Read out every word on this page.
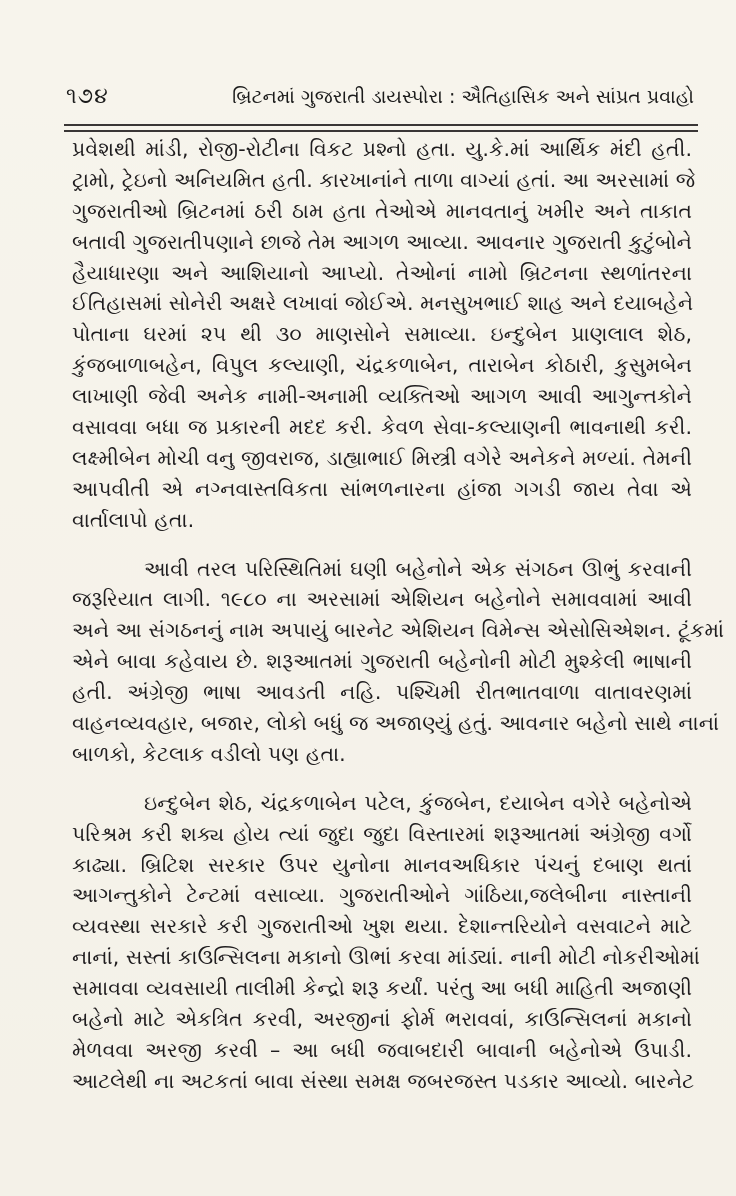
૧૭૪	બ્રિટનમાં ગુજરાતી ડાયસ્પોરા : ઐતિહાસિક અને સાંપ્રત પ્રવાહો
પ્રવેશથી માંડી, રોજી-રોટીના વિકટ પ્રશ્નો હતા. યુ.કે.માં આર્થિક મંદી હતી.
ટ્રામો, ટ્રેઇનો અનિયમિત હતી. કારખાનાંને તાળા વાગ્યાં હતાં. આ અરસામાં જે
ગુજરાતીઓ બ્રિટનમાં ઠરી ઠામ હતા તેઓએ માનવતાનું ખમીર અને તાકાત
બતાવી ગુજરાતીપણાને છાજે તેમ આગળ આવ્યા. આવનાર ગુજરાતી કુટુંબોને
હૈયાધારણા અને આશિયાનો આપ્યો. તેઓનાં નામો બ્રિટનના સ્થળાંતરના
ઈતિહાસમાં સોનેરી અક્ષરે લખાવાં જોઈએ. મનસુખભાઈ શાહ અને દયાબહેને
પોતાના ઘરમાં ૨૫ થી ૩૦ માણસોને સમાવ્યા. ઇન્દુબેન પ્રાણલાલ શેઠ,
કુંજબાળાબહેન, વિપુલ કલ્યાણી, ચંદ્રકળાબેન, તારાબેન કોઠારી, કુસુમબેન
લાખાણી જેવી અનેક નામી-અનામી વ્યક્તિઓ આગળ આવી આગુન્તકોને
વસાવવા બધા જ પ્રકારની મદદ કરી. કેવળ સેવા-કલ્યાણની ભાવનાથી કરી.
લક્ષ્મીબેન મોચી વનુ જીવરાજ, ડાહ્યાભાઈ મિસ્ત્રી વગેરે અનેકને મળ્યાં. તેમની
આપવીતી એ નગ્નવાસ્તવિકતા સાંભળનારના હાંજા ગગડી જાય તેવા એ
વાર્તાલાપો હતા.
આવી તરલ પરિસ્થિતિમાં ઘણી બહેનોને એક સંગઠન ઊભું કરવાની
જરૂરિયાત લાગી. ૧૯૮૦ ના અરસામાં એશિયન બહેનોને સમાવવામાં આવી
અને આ સંગઠનનું નામ અપાયું બારનેટ એશિયન વિમેન્સ એસોસિએશન. ટૂંકમાં
એને બાવા કહેવાય છે. શરૂઆતમાં ગુજરાતી બહેનોની મોટી મુશ્કેલી ભાષાની
હતી. અંગ્રેજી ભાષા આવડતી નહિ. પશ્ચિમી રીતભાતવાળા વાતાવરણમાં
વાહનવ્યવહાર, બજાર, લોકો બધું જ અજાણ્યું હતું. આવનાર બહેનો સાથે નાનાં
બાળકો, કેટલાક વડીલો પણ હતા.
ઇન્દુબેન શેઠ, ચંદ્રકળાબેન પટેલ, કુંજબેન, દયાબેન વગેરે બહેનોએ
પરિશ્રમ કરી શક્ય હોય ત્યાં જુદા જુદા વિસ્તારમાં શરૂઆતમાં અંગ્રેજી વર્ગો
કાઢ્યા. બ્રિટિશ સરકાર ઉપર યુનોના માનવઅધિકાર પંચનું દબાણ થતાં
આગન્તુકોને ટેન્ટમાં વસાવ્યા. ગુજરાતીઓને ગાંઠિયા,જલેબીના નાસ્તાની
વ્યવસ્થા સરકારે કરી ગુજરાતીઓ ખુશ થયા. દેશાન્તરિયોને વસવાટને માટે
નાનાં, સસ્તાં કાઉન્સિલના મકાનો ઊભાં કરવા માંડ્યાં. નાની મોટી નોકરીઓમાં
સમાવવા વ્યવસાયી તાલીમી કેન્દ્રો શરૂ કર્યાં. પરંતુ આ બધી માહિતી અજાણી
બહેનો માટે એકત્રિત કરવી, અરજીનાં ફોર્મ ભરાવવાં, કાઉન્સિલનાં મકાનો
મેળવવા અરજી કરવી – આ બધી જવાબદારી બાવાની બહેનોએ ઉપાડી.
આટલેથી ના અટકતાં બાવા સંસ્થા સમક્ષ જબરજસ્ત પડકાર આવ્યો. બારનેટ
